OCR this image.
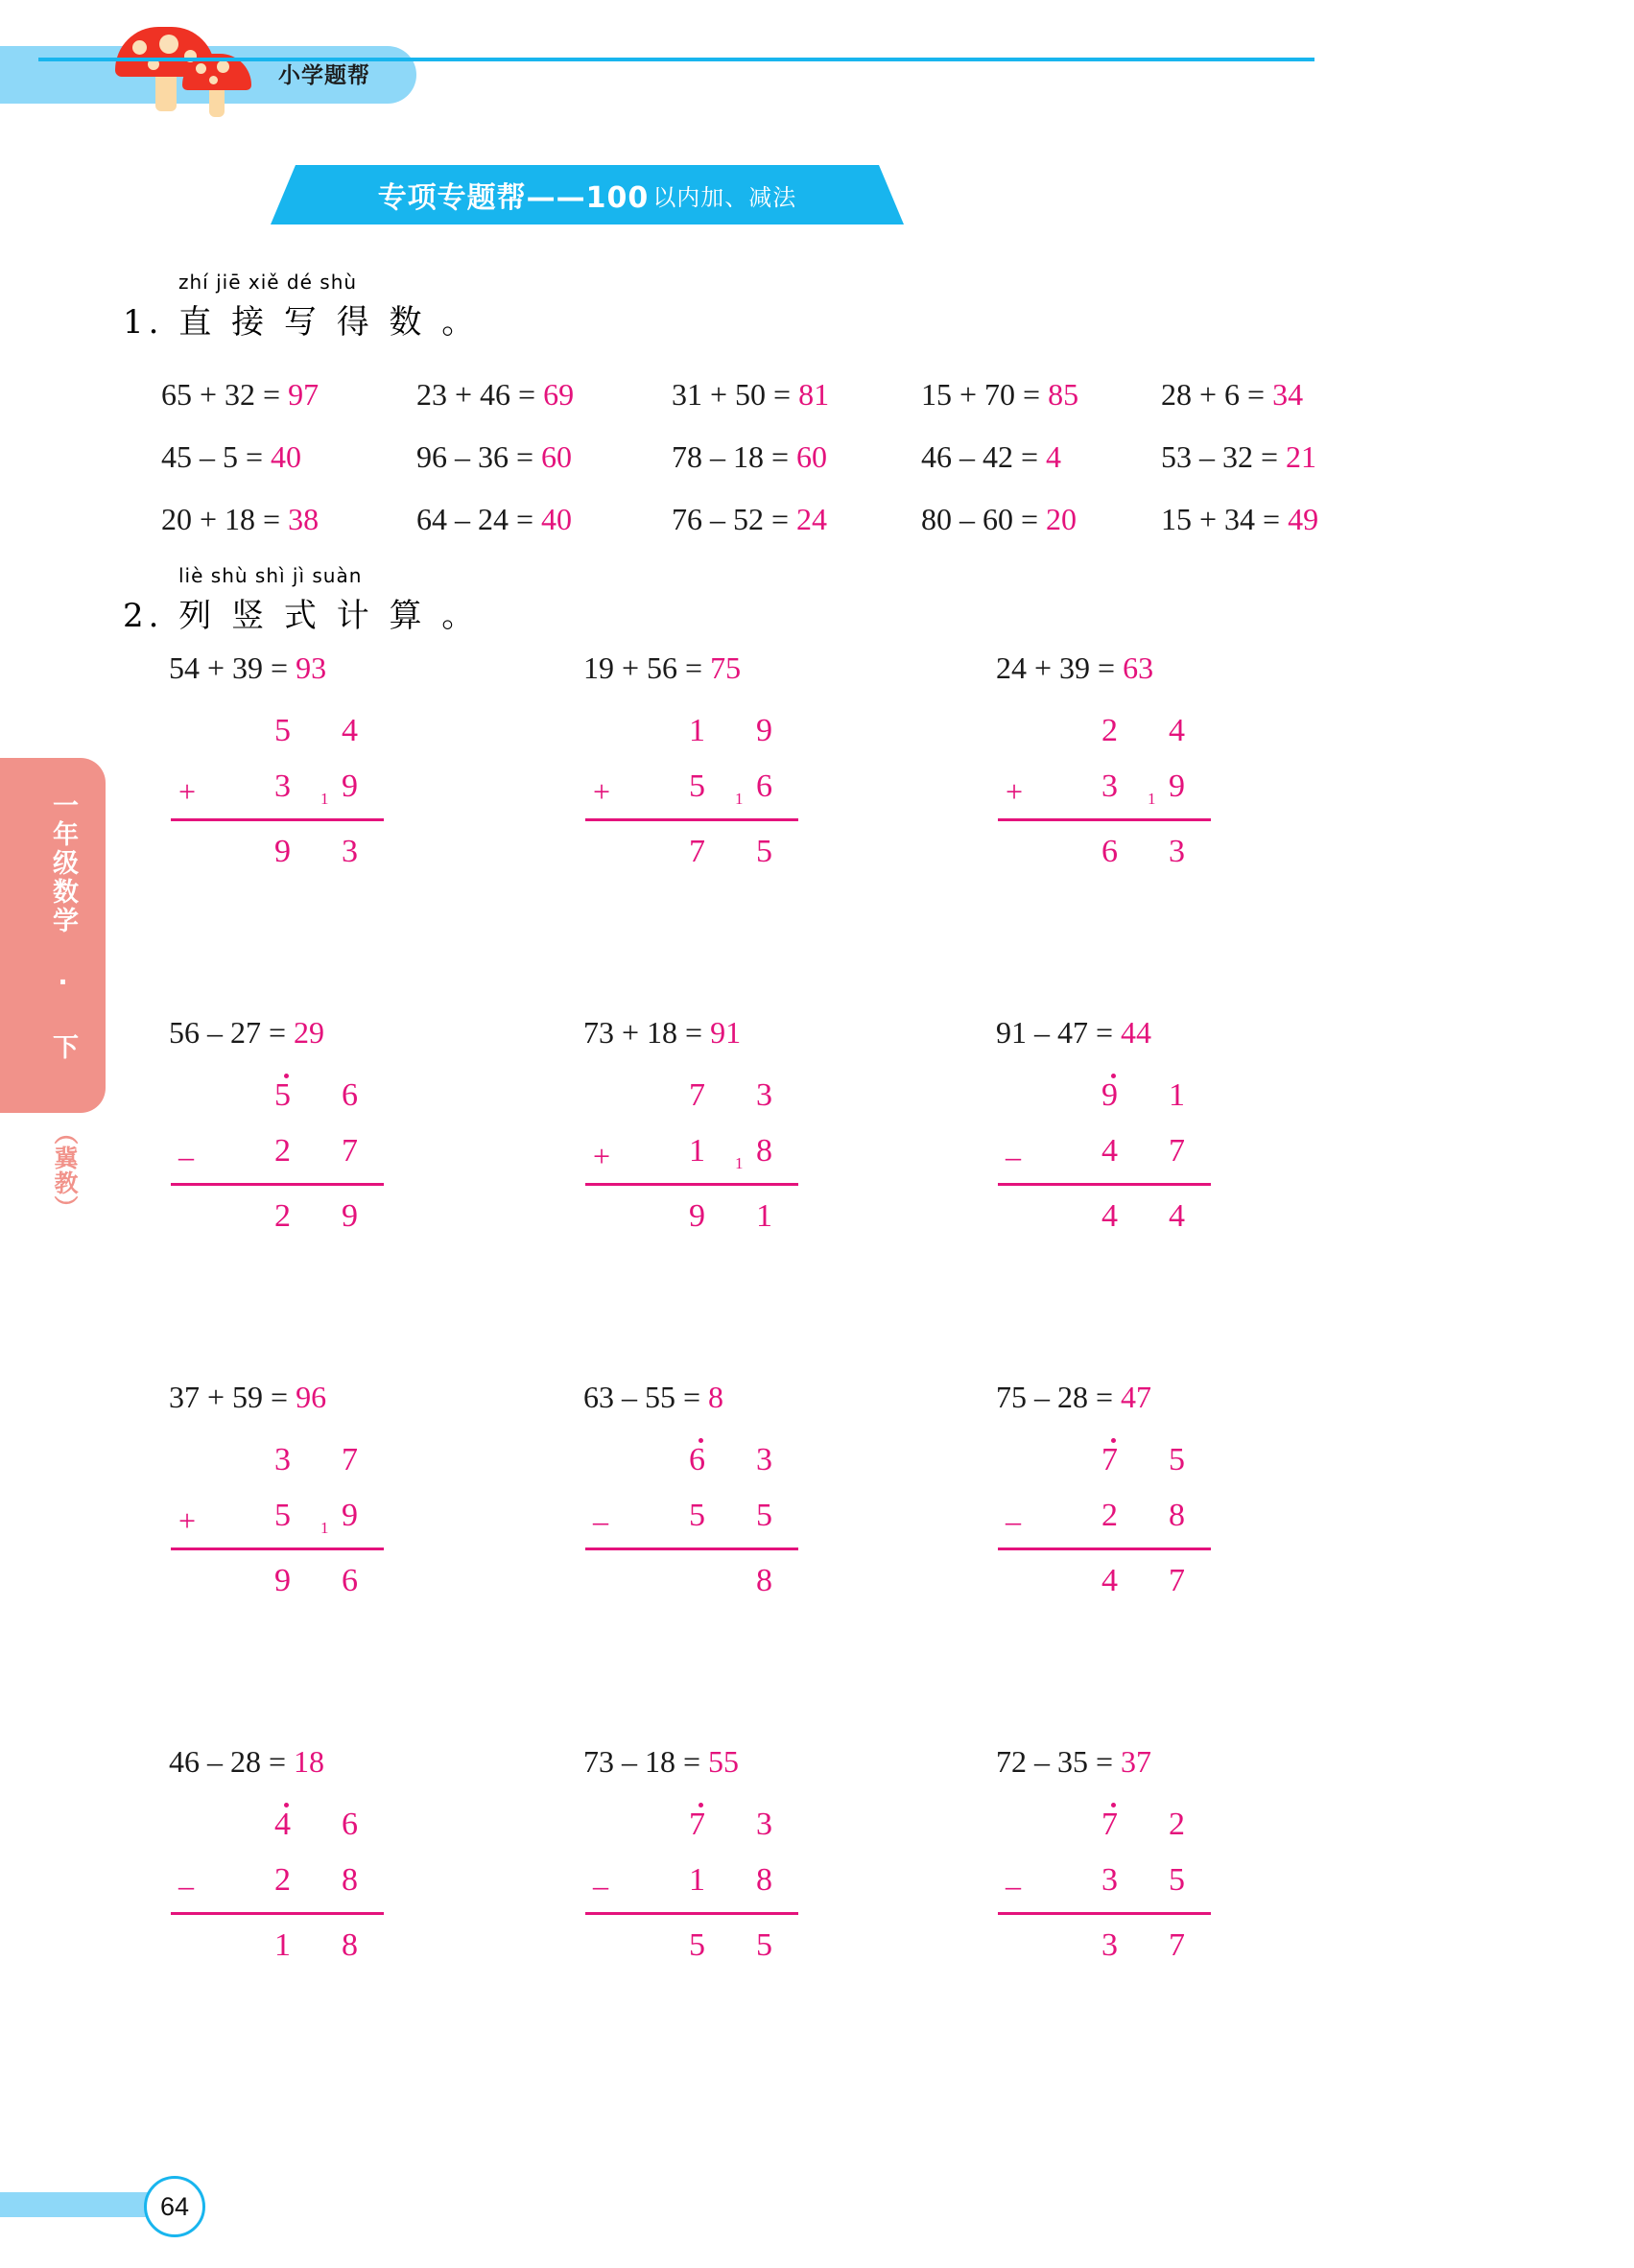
小学题帮
专项专题帮——100 以内加、减法
一年级数学 · 下
（冀教）
zhí jiē xiě dé shù
1. 直 接 写 得 数 。
65 + 32 = 97	23 + 46 = 69	31 + 50 = 81	15 + 70 = 85	28 + 6 = 34
45 – 5 = 40	96 – 36 = 60	78 – 18 = 60	46 – 42 = 4	53 – 32 = 21
20 + 18 = 38	64 – 24 = 40	76 – 52 = 24	80 – 60 = 20	15 + 34 = 49
liè shù shì jì suàn
2. 列 竖 式 计 算 。
54 + 39 = 93
5 4
+ 3 9
1
9 3
19 + 56 = 75
1 9
+ 5 6
1
7 5
24 + 39 = 63
2 4
+ 3 9
1
6 3
56 – 27 = 29
5 6
– 2 7
2 9
73 + 18 = 91
7 3
+ 1 8
1
9 1
91 – 47 = 44
9 1
– 4 7
4 4
37 + 59 = 96
3 7
+ 5 9
1
9 6
63 – 55 = 8
6 3
– 5 5
8
75 – 28 = 47
7 5
– 2 8
4 7
46 – 28 = 18
4 6
– 2 8
1 8
73 – 18 = 55
7 3
– 1 8
5 5
72 – 35 = 37
7 2
– 3 5
3 7
64
